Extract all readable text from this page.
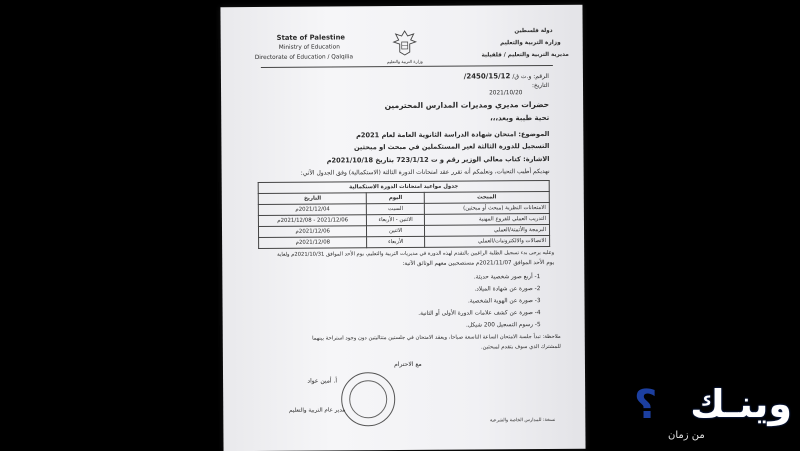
State of Palestine
Ministry of Education
Directorate of Education / Qalqilia
وزارة التربية والتعليم
دولة فلسطين
وزارة التربية والتعليم
مديرية التربية والتعليم / قلقيلية
الرقم: و.ت ق/ 2450/15/12/
التاريخ:
2021/10/20
حضرات مديري ومديرات المدارس المحترمين
تحية طيبة وبعد،،،
الموضوع: امتحان شهادة الدراسة الثانوية العامة لعام 2021م
التسجيل للدورة الثالثة لغير المستكملين في مبحث او مبحثين
الاشارة: كتاب معالي الوزير رقم و ت 723/1/12 بتاريخ 2021/10/18م
نهديكم أطيب التحيات، ونعلمكم أنه تقرر عقد امتحانات الدورة الثالثة (الاستكمالية) وفق الجدول الآتي:
جدول مواعيد امتحانات الدورة الاستكمالية		
المبحث	اليوم	التاريخ
الامتحانات النظرية (مبحث أو مبحثين)	السبت	2021/12/04م
التدريب العملي للفروع المهنية	الاثنين - الأربعاء	2021/12/06 - 2021/12/08م
البرمجة والأتمتة/العملي	الاثنين	2021/12/06م
الاتصالات والالكترونيات/العملي	الأربعاء	2021/12/08م
وعليه يرجى بدء تسجيل الطلبة الراغبين بالتقدم لهذه الدورة في مديريات التربية والتعليم، يوم الأحد الموافق 2021/10/31م ولغاية
يوم الأحد الموافق 2021/11/07م مستصحبين معهم الوثائق الآتية:
1- أربع صور شخصية حديثة.
2- صورة عن شهادة الميلاد.
3- صورة عن الهوية الشخصية.
4- صورة عن كشف علامات الدورة الأولى أو الثانية.
5- رسوم التسجيل 200 شيكل.
ملاحظة: تبدأ جلسة الامتحان الساعة التاسعة صباحا، ويعقد الامتحان في جلستين متتاليتين دون وجود استراحة بينهما
للمشترك الذي سوف يتقدم لمبحثين.
مع الاحترام
أ. أمين عواد
مدير عام التربية والتعليم
نسخة: للمدارس الخاصة والشرعية ؟ وينـك
من زمان
